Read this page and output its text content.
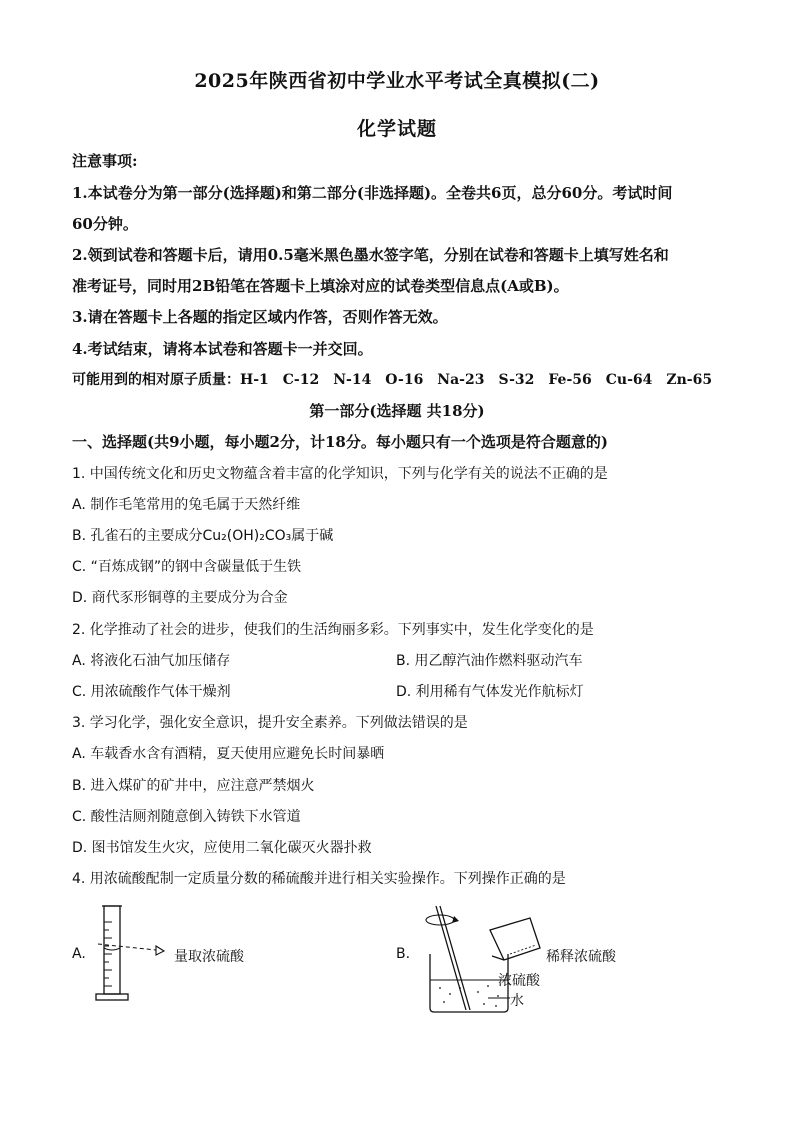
2025年陕西省初中学业水平考试全真模拟(二)
化学试题
注意事项:
1.本试卷分为第一部分(选择题)和第二部分(非选择题)。全卷共6页，总分60分。考试时间
60分钟。
2.领到试卷和答题卡后，请用0.5毫米黑色墨水签字笔，分别在试卷和答题卡上填写姓名和
准考证号，同时用2B铅笔在答题卡上填涂对应的试卷类型信息点(A或B)。
3.请在答题卡上各题的指定区域内作答，否则作答无效。
4.考试结束，请将本试卷和答题卡一并交回。
可能用到的相对原子质量：H-1　C-12　N-14　O-16　Na-23　S-32　Fe-56　Cu-64　Zn-65
第一部分(选择题 共18分)
一、选择题(共9小题，每小题2分，计18分。每小题只有一个选项是符合题意的)
1. 中国传统文化和历史文物蕴含着丰富的化学知识，下列与化学有关的说法不正确的是
A. 制作毛笔常用的兔毛属于天然纤维
B. 孔雀石的主要成分Cu₂(OH)₂CO₃属于碱
C. “百炼成钢”的钢中含碳量低于生铁
D. 商代豕形铜尊的主要成分为合金
2. 化学推动了社会的进步，使我们的生活绚丽多彩。下列事实中，发生化学变化的是
A. 将液化石油气加压储存	B. 用乙醇汽油作燃料驱动汽车
C. 用浓硫酸作气体干燥剂	D. 利用稀有气体发光作航标灯
3. 学习化学，强化安全意识，提升安全素养。下列做法错误的是
A. 车载香水含有酒精，夏天使用应避免长时间暴晒
B. 进入煤矿的矿井中，应注意严禁烟火
C. 酸性洁厕剂随意倒入铸铁下水管道
D. 图书馆发生火灾，应使用二氧化碳灭火器扑救
4. 用浓硫酸配制一定质量分数的稀硫酸并进行相关实验操作。下列操作正确的是
A.	量取浓硫酸	B.	稀释浓硫酸
浓硫酸
水
